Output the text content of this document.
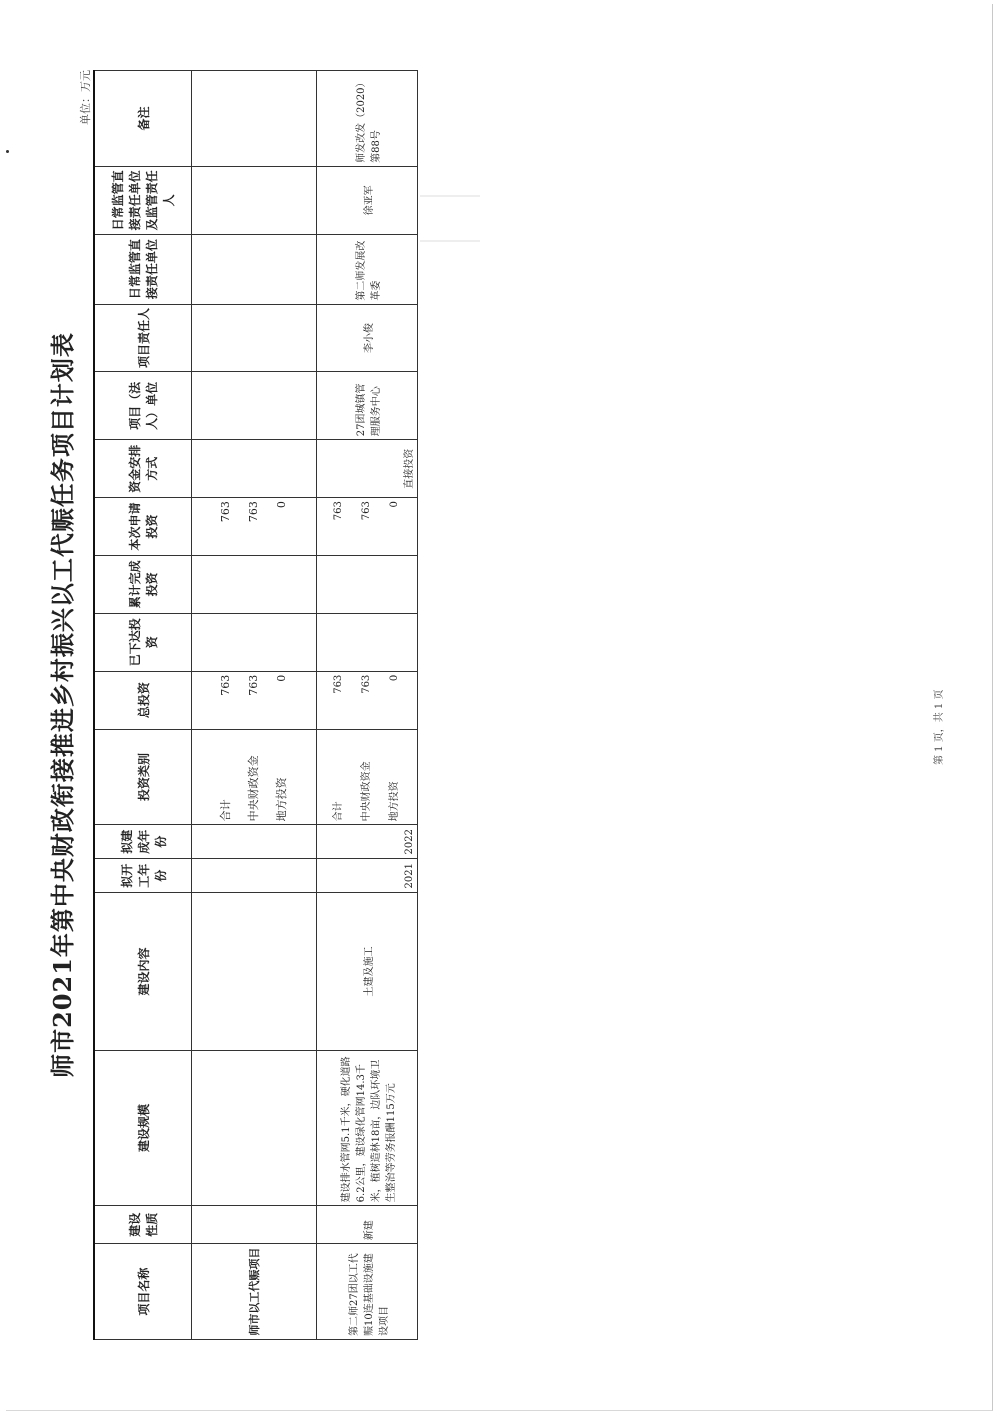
师市2021年第中央财政衔接推进乡村振兴以工代赈任务项目计划表
单位：万元
项目名称	建设性质	建设规模	建设内容	拟开工年份	拟建成年份	投资类别	总投资	已下达投资	累计完成投资	本次申请投资	资金安排方式	项目（法人）单位	项目责任人	日常监管直接责任单位	日常监管直接责任单位及监管责任人	备注
师市以工代赈项目						合计 中央财政资金 地方投资	763 763 0			763 763 0						

第二师27团以工代赈10连基础设施建设项目	新建	建设排水管网5.1千米，硬化道路6.2公里，建设绿化管网14.3千米，植树造林18亩，边队环境卫生整治等劳务报酬115万元	土建及施工	2021	2022	合计 中央财政资金 地方投资	763 763 0			763 763 0	直接投资	27团城镇管理服务中心	李小俊	第二师发展改革委	徐亚军	师发改发（2020）第88号
第 1 页，共 1 页
